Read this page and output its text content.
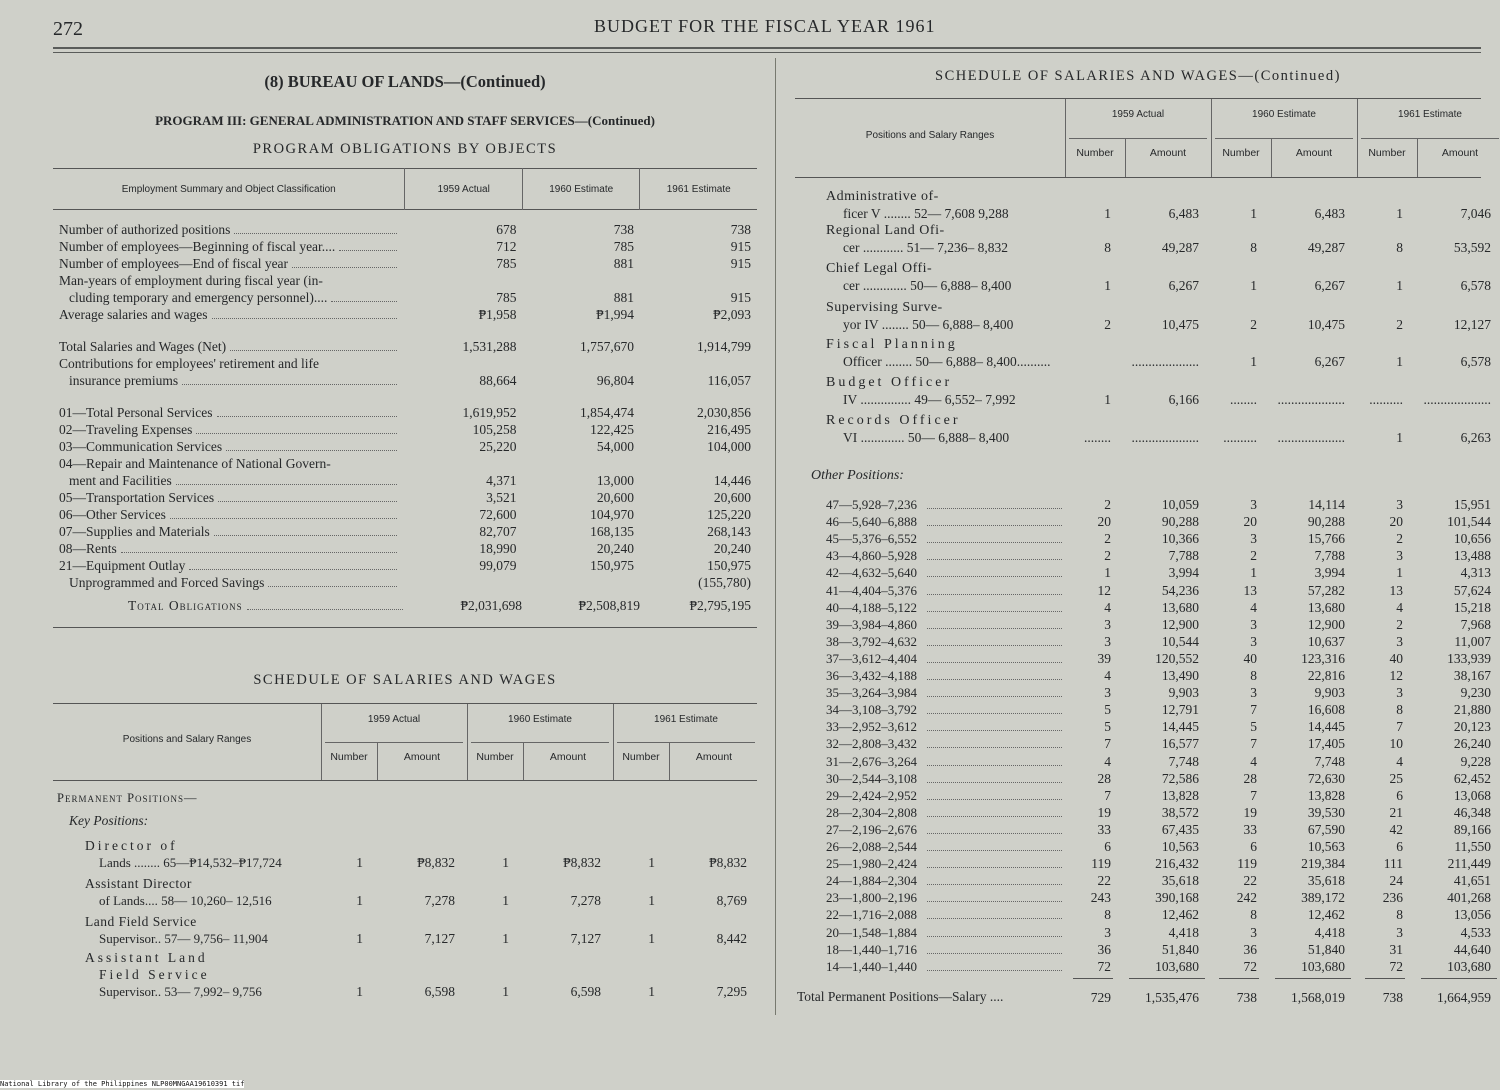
272	BUDGET FOR THE FISCAL YEAR 1961
(8) BUREAU OF LANDS—(Continued)
PROGRAM III: GENERAL ADMINISTRATION AND STAFF SERVICES—(Continued)
PROGRAM OBLIGATIONS BY OBJECTS
Employment Summary and Object Classification	1959 Actual	1960 Estimate	1961 Estimate

Number of authorized positions	678	738	738

Number of employees—Beginning of fiscal year....	712	785	915

Number of employees—End of fiscal year	785	881	915

Man-years of employment during fiscal year (in-			

cluding temporary and emergency personnel)....	785	881	915

Average salaries and wages	₱1,958	₱1,994	₱2,093

Total Salaries and Wages (Net)	1,531,288	1,757,670	1,914,799

Contributions for employees' retirement and life			

insurance premiums	88,664	96,804	116,057

01—Total Personal Services	1,619,952	1,854,474	2,030,856

02—Traveling Expenses	105,258	122,425	216,495

03—Communication Services	25,220	54,000	104,000

04—Repair and Maintenance of National Govern-			

ment and Facilities	4,371	13,000	14,446

05—Transportation Services	3,521	20,600	20,600

06—Other Services	72,600	104,970	125,220

07—Supplies and Materials	82,707	168,135	268,143

08—Rents	18,990	20,240	20,240

21—Equipment Outlay	99,079	150,975	150,975

Unprogrammed and Forced Savings			(155,780)
Total Obligations	₱2,031,698	₱2,508,819	₱2,795,195
SCHEDULE OF SALARIES AND WAGES
Positions and Salary Ranges
1959 Actual
Number	Amount
1960 Estimate
Number	Amount
1961 Estimate
Number	Amount
Permanent Positions—
Key Positions:
Director of
Lands ........ 65—₱14,532–₱17,724	1	₱8,832	1	₱8,832	1	₱8,832
Assistant Director
of Lands.... 58— 10,260– 12,516	1	7,278	1	7,278	1	8,769
Land Field Service
Supervisor.. 57— 9,756– 11,904	1	7,127	1	7,127	1	8,442
Assistant Land
Field Service
Supervisor.. 53— 7,992– 9,756	1	6,598	1	6,598	1	7,295
SCHEDULE OF SALARIES AND WAGES—(Continued)
Positions and Salary Ranges
1959 Actual
Number	Amount
1960 Estimate
Number	Amount
1961 Estimate
Number	Amount
Administrative of-
ficer V ........ 52— 7,608 9,288	1	6,483	1	6,483	1	7,046
Regional Land Ofi-
cer ............ 51— 7,236– 8,832	8	49,287	8	49,287	8	53,592
Chief Legal Offi-
cer ............. 50— 6,888– 8,400	1	6,267	1	6,267	1	6,578
Supervising Surve-
yor IV ........ 50— 6,888– 8,400	2	10,475	2	10,475	2	12,127
Fiscal Planning
Officer ........ 50— 6,888– 8,400..........	....................	1	6,267	1	6,578
Budget Officer
IV ............... 49— 6,552– 7,992	1	6,166	........	....................	..........	....................
Records Officer
VI ............. 50— 6,888– 8,400	........	....................	..........	....................	1	6,263
Other Positions:
47—5,928–7,236	2	10,059	3	14,114	3	15,951
46—5,640–6,888	20	90,288	20	90,288	20	101,544
45—5,376–6,552	2	10,366	3	15,766	2	10,656
43—4,860–5,928	2	7,788	2	7,788	3	13,488
42—4,632–5,640	1	3,994	1	3,994	1	4,313
41—4,404–5,376	12	54,236	13	57,282	13	57,624
40—4,188–5,122	4	13,680	4	13,680	4	15,218
39—3,984–4,860	3	12,900	3	12,900	2	7,968
38—3,792–4,632	3	10,544	3	10,637	3	11,007
37—3,612–4,404	39	120,552	40	123,316	40	133,939
36—3,432–4,188	4	13,490	8	22,816	12	38,167
35—3,264–3,984	3	9,903	3	9,903	3	9,230
34—3,108–3,792	5	12,791	7	16,608	8	21,880
33—2,952–3,612	5	14,445	5	14,445	7	20,123
32—2,808–3,432	7	16,577	7	17,405	10	26,240
31—2,676–3,264	4	7,748	4	7,748	4	9,228
30—2,544–3,108	28	72,586	28	72,630	25	62,452
29—2,424–2,952	7	13,828	7	13,828	6	13,068
28—2,304–2,808	19	38,572	19	39,530	21	46,348
27—2,196–2,676	33	67,435	33	67,590	42	89,166
26—2,088–2,544	6	10,563	6	10,563	6	11,550
25—1,980–2,424	119	216,432	119	219,384	111	211,449
24—1,884–2,304	22	35,618	22	35,618	24	41,651
23—1,800–2,196	243	390,168	242	389,172	236	401,268
22—1,716–2,088	8	12,462	8	12,462	8	13,056
20—1,548–1,884	3	4,418	3	4,418	3	4,533
18—1,440–1,716	36	51,840	36	51,840	31	44,640
14—1,440–1,440	72	103,680	72	103,680	72	103,680
Total Permanent Positions—Salary ....	729	1,535,476	738	1,568,019	738	1,664,959
National Library of the Philippines NLP00MNGAA19610391 tif
